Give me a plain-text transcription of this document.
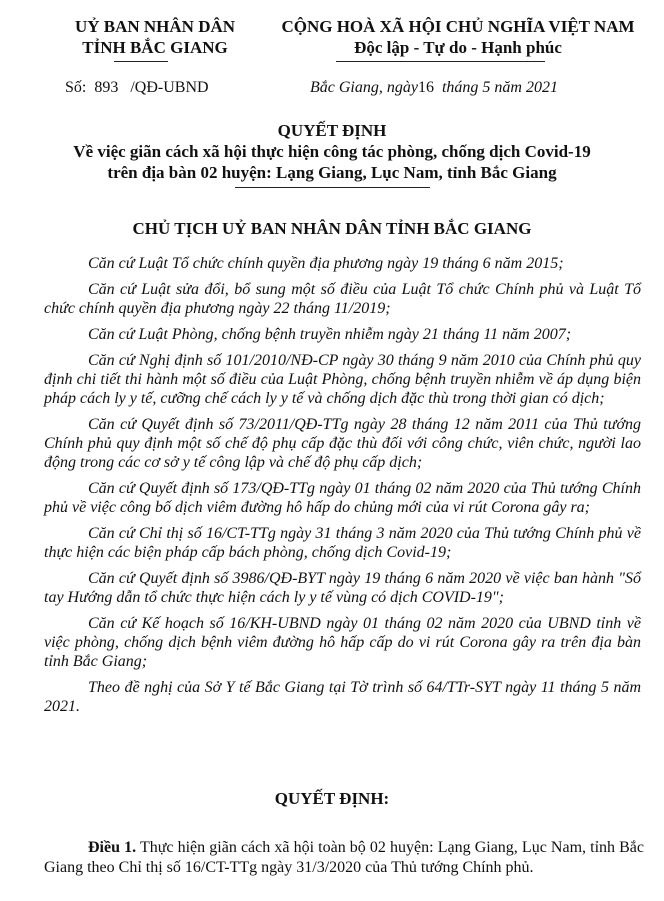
UỶ BAN NHÂN DÂN
TỈNH BẮC GIANG
CỘNG HOÀ XÃ HỘI CHỦ NGHĨA VIỆT NAM
Độc lập - Tự do - Hạnh phúc
Số: 893 /QĐ-UBND	Bắc Giang, ngày16 tháng 5 năm 2021
QUYẾT ĐỊNH
Về việc giãn cách xã hội thực hiện công tác phòng, chống dịch Covid-19
trên địa bàn 02 huyện: Lạng Giang, Lục Nam, tỉnh Bắc Giang
CHỦ TỊCH UỶ BAN NHÂN DÂN TỈNH BẮC GIANG

Căn cứ Luật Tổ chức chính quyền địa phương ngày 19 tháng 6 năm 2015;

Căn cứ Luật sửa đổi, bổ sung một số điều của Luật Tổ chức Chính phủ và Luật Tổ chức chính quyền địa phương ngày 22 tháng 11/2019;

Căn cứ Luật Phòng, chống bệnh truyền nhiễm ngày 21 tháng 11 năm 2007;

Căn cứ Nghị định số 101/2010/NĐ-CP ngày 30 tháng 9 năm 2010 của Chính phủ quy định chi tiết thi hành một số điều của Luật Phòng, chống bệnh truyền nhiễm về áp dụng biện pháp cách ly y tế, cưỡng chế cách ly y tế và chống dịch đặc thù trong thời gian có dịch;

Căn cứ Quyết định số 73/2011/QĐ-TTg ngày 28 tháng 12 năm 2011 của Thủ tướng Chính phủ quy định một số chế độ phụ cấp đặc thù đối với công chức, viên chức, người lao động trong các cơ sở y tế công lập và chế độ phụ cấp dịch;

Căn cứ Quyết định số 173/QĐ-TTg ngày 01 tháng 02 năm 2020 của Thủ tướng Chính phủ về việc công bố dịch viêm đường hô hấp do chủng mới của vi rút Corona gây ra;

Căn cứ Chỉ thị số 16/CT-TTg ngày 31 tháng 3 năm 2020 của Thủ tướng Chính phủ về thực hiện các biện pháp cấp bách phòng, chống dịch Covid-19;

Căn cứ Quyết định số 3986/QĐ-BYT ngày 19 tháng 6 năm 2020 về việc ban hành "Sổ tay Hướng dẫn tổ chức thực hiện cách ly y tế vùng có dịch COVID-19";

Căn cứ Kế hoạch số 16/KH-UBND ngày 01 tháng 02 năm 2020 của UBND tỉnh về việc phòng, chống dịch bệnh viêm đường hô hấp cấp do vi rút Corona gây ra trên địa bàn tỉnh Bắc Giang;

Theo đề nghị của Sở Y tế Bắc Giang tại Tờ trình số 64/TTr-SYT ngày 11 tháng 5 năm 2021.

QUYẾT ĐỊNH:
Điều 1. Thực hiện giãn cách xã hội toàn bộ 02 huyện: Lạng Giang, Lục Nam, tỉnh Bắc Giang theo Chỉ thị số 16/CT-TTg ngày 31/3/2020 của Thủ tướng Chính phủ.
